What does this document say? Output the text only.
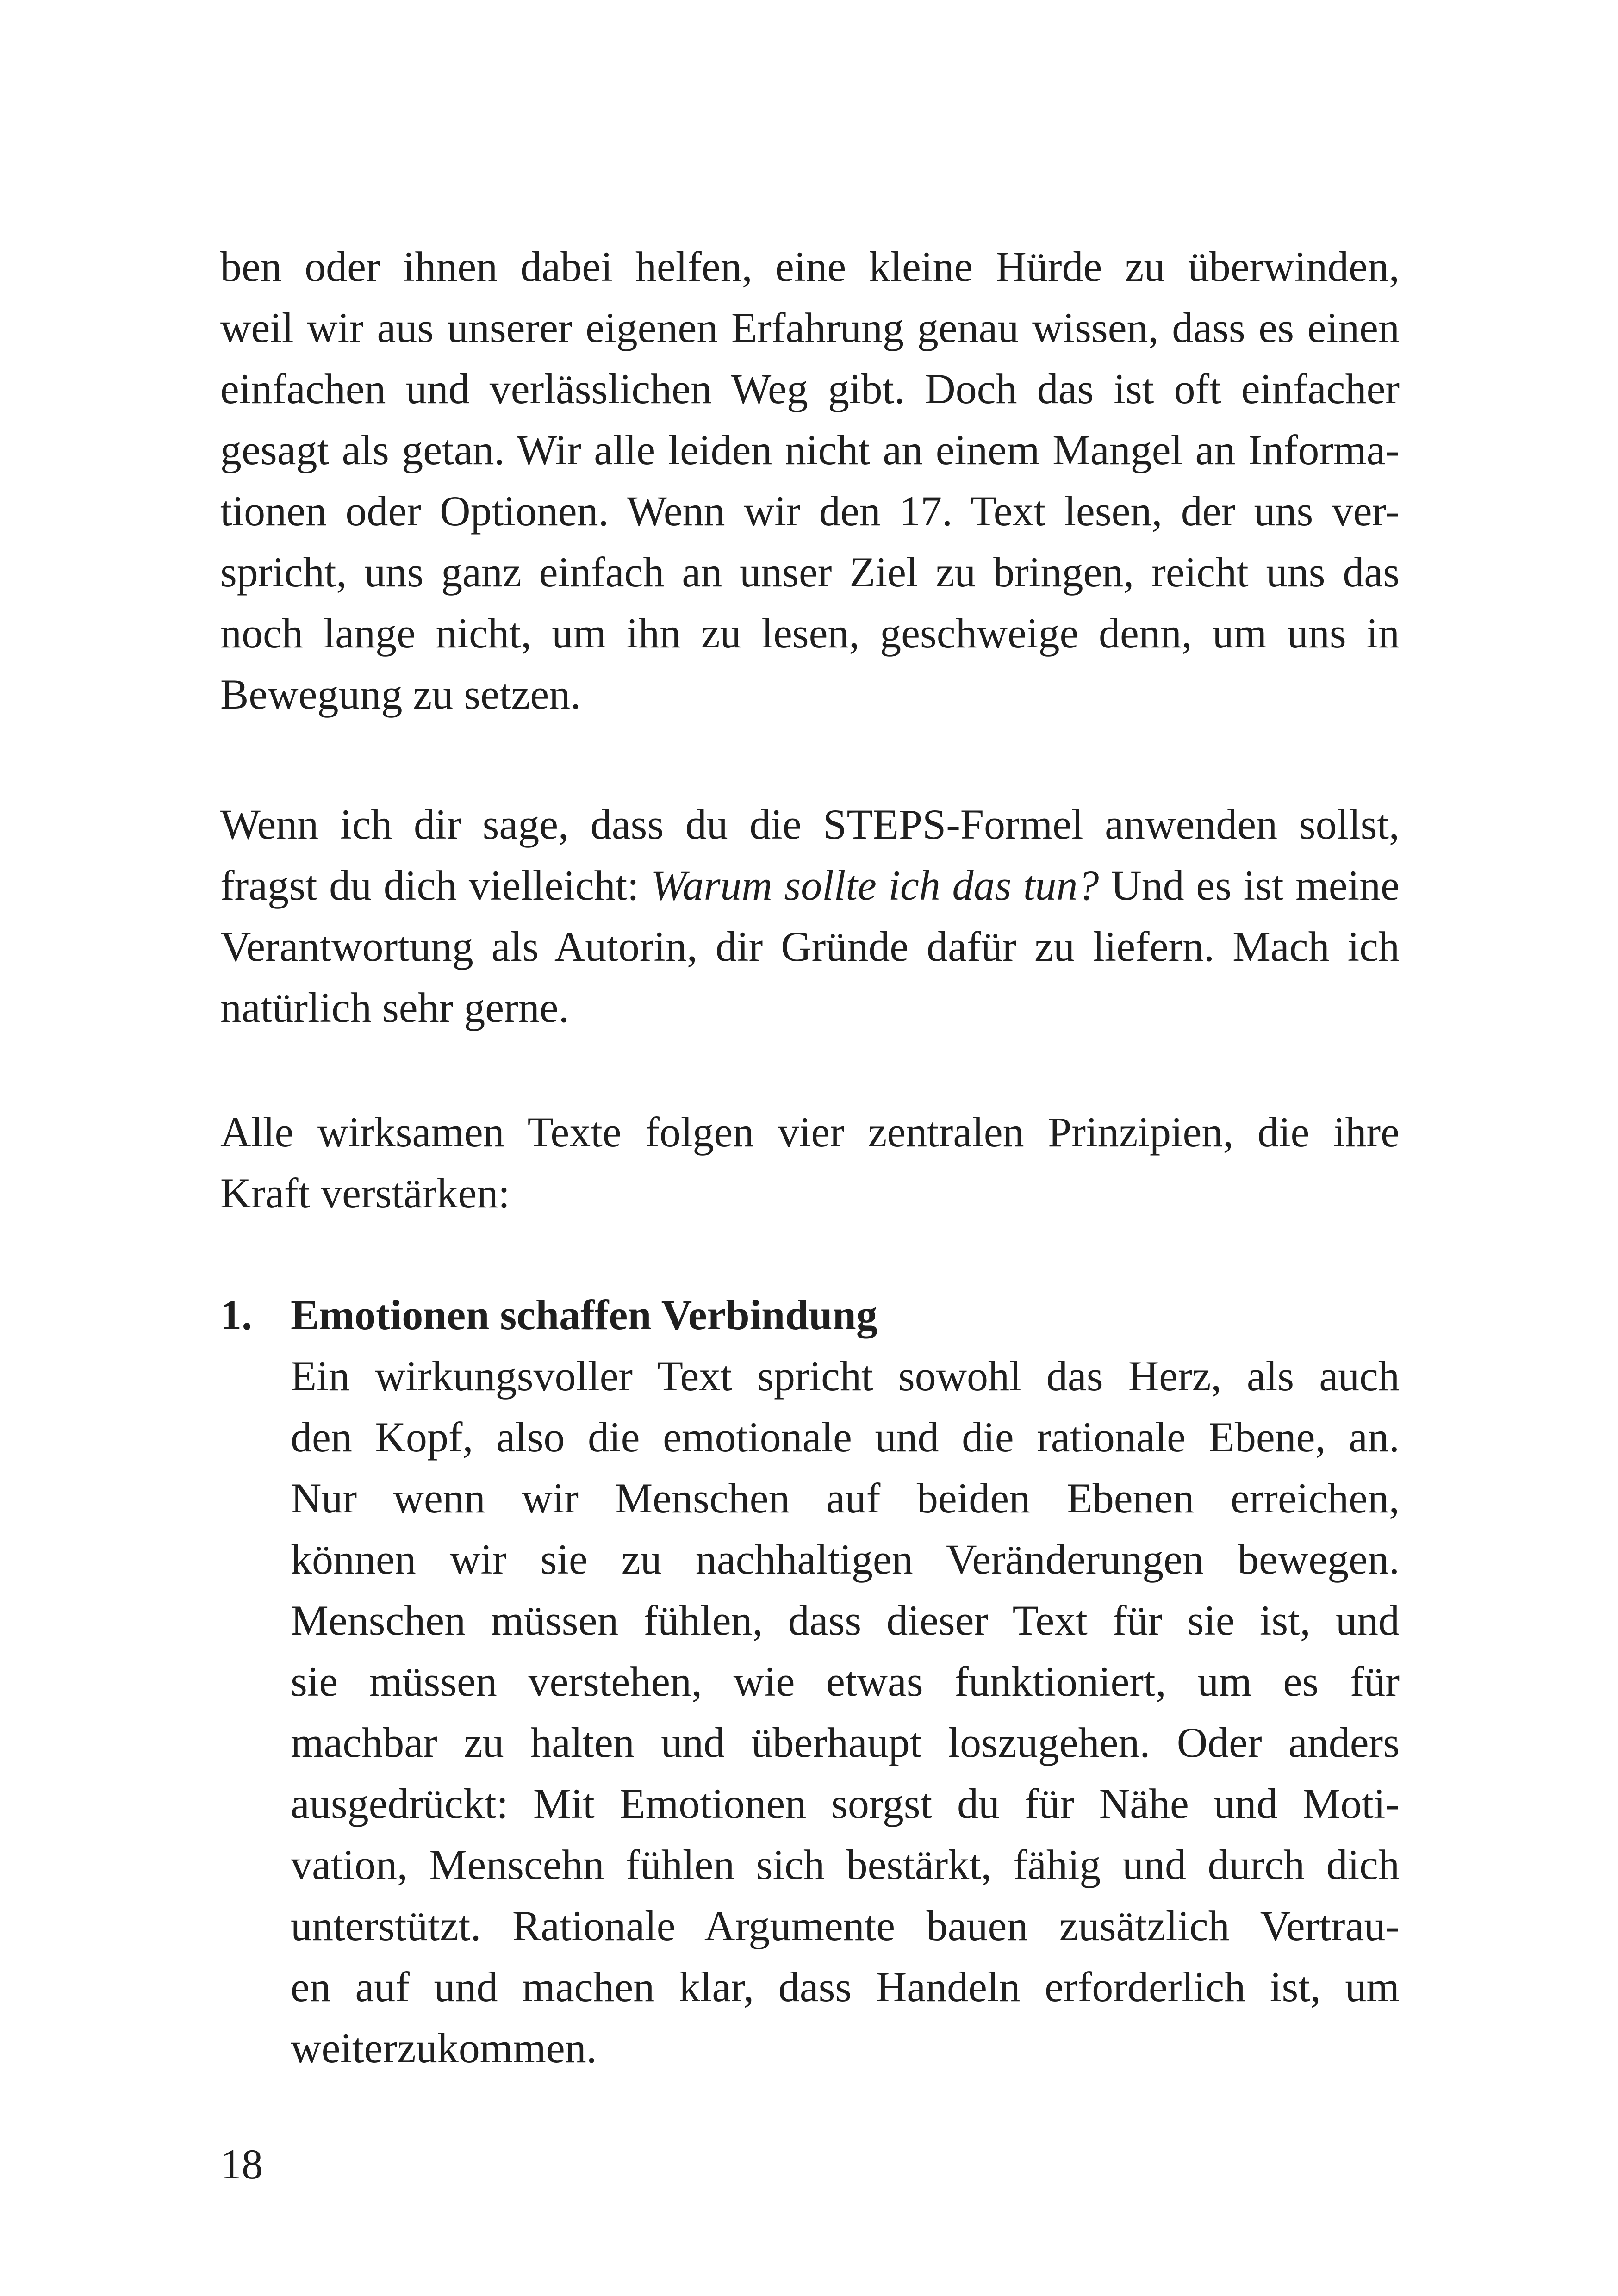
ben oder ihnen dabei helfen, eine kleine Hürde zu überwinden,
weil wir aus unserer eigenen Erfahrung genau wissen, dass es einen
einfachen und verlässlichen Weg gibt. Doch das ist oft einfacher
gesagt als getan. Wir alle leiden nicht an einem Mangel an Informa-
tionen oder Optionen. Wenn wir den 17. Text lesen, der uns ver-
spricht, uns ganz einfach an unser Ziel zu bringen, reicht uns das
noch lange nicht, um ihn zu lesen, geschweige denn, um uns in
Bewegung zu setzen.
Wenn ich dir sage, dass du die STEPS-Formel anwenden sollst,
fragst du dich vielleicht: Warum sollte ich das tun? Und es ist meine
Verantwortung als Autorin, dir Gründe dafür zu liefern. Mach ich
natürlich sehr gerne.
Alle wirksamen Texte folgen vier zentralen Prinzipien, die ihre
Kraft verstärken:
1. Emotionen schaffen Verbindung
Ein wirkungsvoller Text spricht sowohl das Herz, als auch
den Kopf, also die emotionale und die rationale Ebene, an.
Nur wenn wir Menschen auf beiden Ebenen erreichen,
können wir sie zu nachhaltigen Veränderungen bewegen.
Menschen müssen fühlen, dass dieser Text für sie ist, und
sie müssen verstehen, wie etwas funktioniert, um es für
machbar zu halten und überhaupt loszugehen. Oder anders
ausgedrückt: Mit Emotionen sorgst du für Nähe und Moti-
vation, Menscehn fühlen sich bestärkt, fähig und durch dich
unterstützt. Rationale Argumente bauen zusätzlich Vertrau-
en auf und machen klar, dass Handeln erforderlich ist, um
weiterzukommen.
18
